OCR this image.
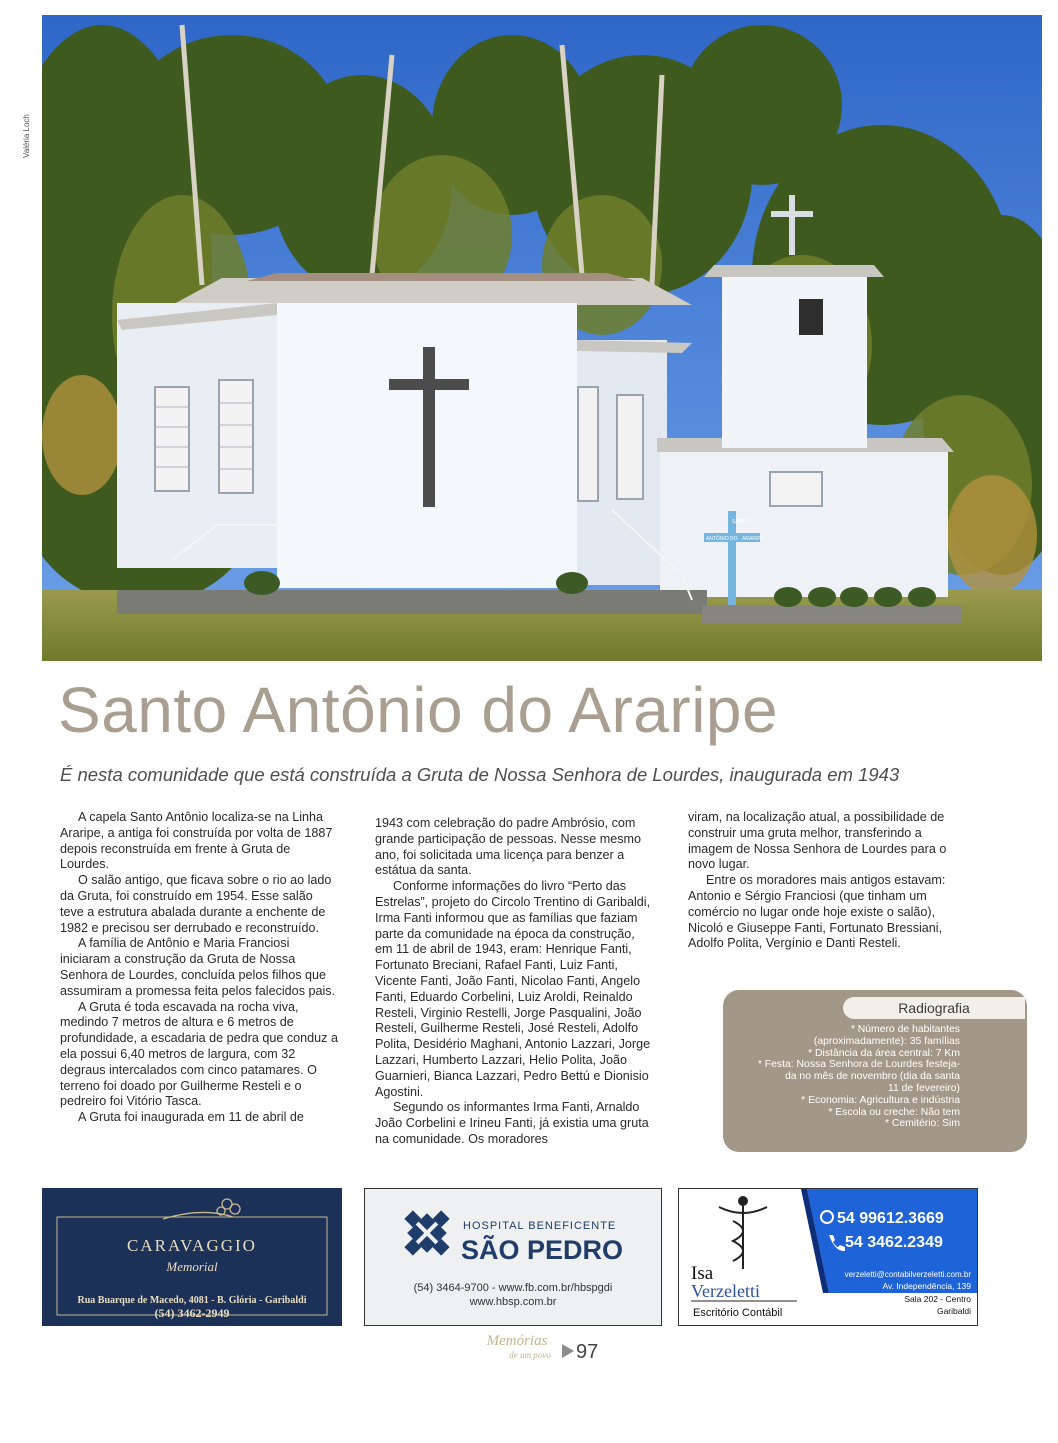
Valéria Loch
SANTO
ANTÔNIO DO ARARIPE
Santo Antônio do Araripe

É nesta comunidade que está construída a Gruta de Nossa Senhora de Lourdes, inaugurada em 1943

A capela Santo Antônio localiza-se na Linha Araripe, a antiga foi construída por volta de 1887 depois reconstruída em frente à Gruta de Lourdes.

O salão antigo, que ficava sobre o rio ao lado da Gruta, foi construído em 1954. Esse salão teve a estrutura abalada durante a enchente de 1982 e precisou ser derrubado e reconstruído.

A família de Antônio e Maria Franciosi iniciaram a construção da Gruta de Nossa Senhora de Lourdes, concluída pelos filhos que assumiram a promessa feita pelos falecidos pais.

A Gruta é toda escavada na rocha viva, medindo 7 metros de altura e 6 metros de profundidade, a escadaria de pedra que conduz a ela possui 6,40 metros de largura, com 32 degraus intercalados com cinco patamares. O terreno foi doado por Guilherme Resteli e o pedreiro foi Vitório Tasca.

A Gruta foi inaugurada em 11 de abril de

1943 com celebração do padre Ambrósio, com grande participação de pessoas. Nesse mesmo ano, foi solicitada uma licença para benzer a estátua da santa.

Conforme informações do livro “Perto das Estrelas”, projeto do Circolo Trentino di Garibaldi, Irma Fanti informou que as famílias que faziam parte da comunidade na época da construção, em 11 de abril de 1943, eram: Henrique Fanti, Fortunato Breciani, Rafael Fanti, Luiz Fanti, Vicente Fanti, João Fanti, Nicolao Fanti, Angelo Fanti, Eduardo Corbelini, Luiz Aroldi, Reinaldo Resteli, Virginio Restelli, Jorge Pasqualini, João Resteli, Guilherme Resteli, José Resteli, Adolfo Polita, Desidério Maghani, Antonio Lazzari, Jorge Lazzari, Humberto Lazzari, Helio Polita, João Guarnieri, Bianca Lazzari, Pedro Bettú e Dionisio Agostini.

Segundo os informantes Irma Fanti, Arnaldo João Corbelini e Irineu Fanti, já existia uma gruta na comunidade. Os moradores

viram, na localização atual, a possibilidade de construir uma gruta melhor, transferindo a imagem de Nossa Senhora de Lourdes para o novo lugar.

Entre os moradores mais antigos estavam: Antonio e Sérgio Franciosi (que tinham um comércio no lugar onde hoje existe o salão), Nicoló e Giuseppe Fanti, Fortunato Bressiani, Adolfo Polita, Vergínio e Danti Resteli.

Radiografia
* Número de habitantes
(aproximadamente): 35 famílias
* Distância da área central: 7 Km
* Festa: Nossa Senhora de Lourdes festeja-
da no mês de novembro (dia da santa
11 de fevereiro)
* Economia: Agricultura e indústria
* Escola ou creche: Não tem
* Cemitério: Sim
CARAVAGGIO
Memorial
Rua Buarque de Macedo, 4081 - B. Glória - Garibaldi
(54) 3462-2949
HOSPITAL BENEFICENTE
SÃO PEDRO
(54) 3464-9700 - www.fb.com.br/hbspgdi
www.hbsp.com.br
Isa
Verzeletti
Escritório Contábil
54 99612.3669
54 3462.2349
verzeletti@contabilverzeletti.com.br
Av. Independência, 139
Sala 202 - Centro
Garibaldi
Memórias
de um povo 97
